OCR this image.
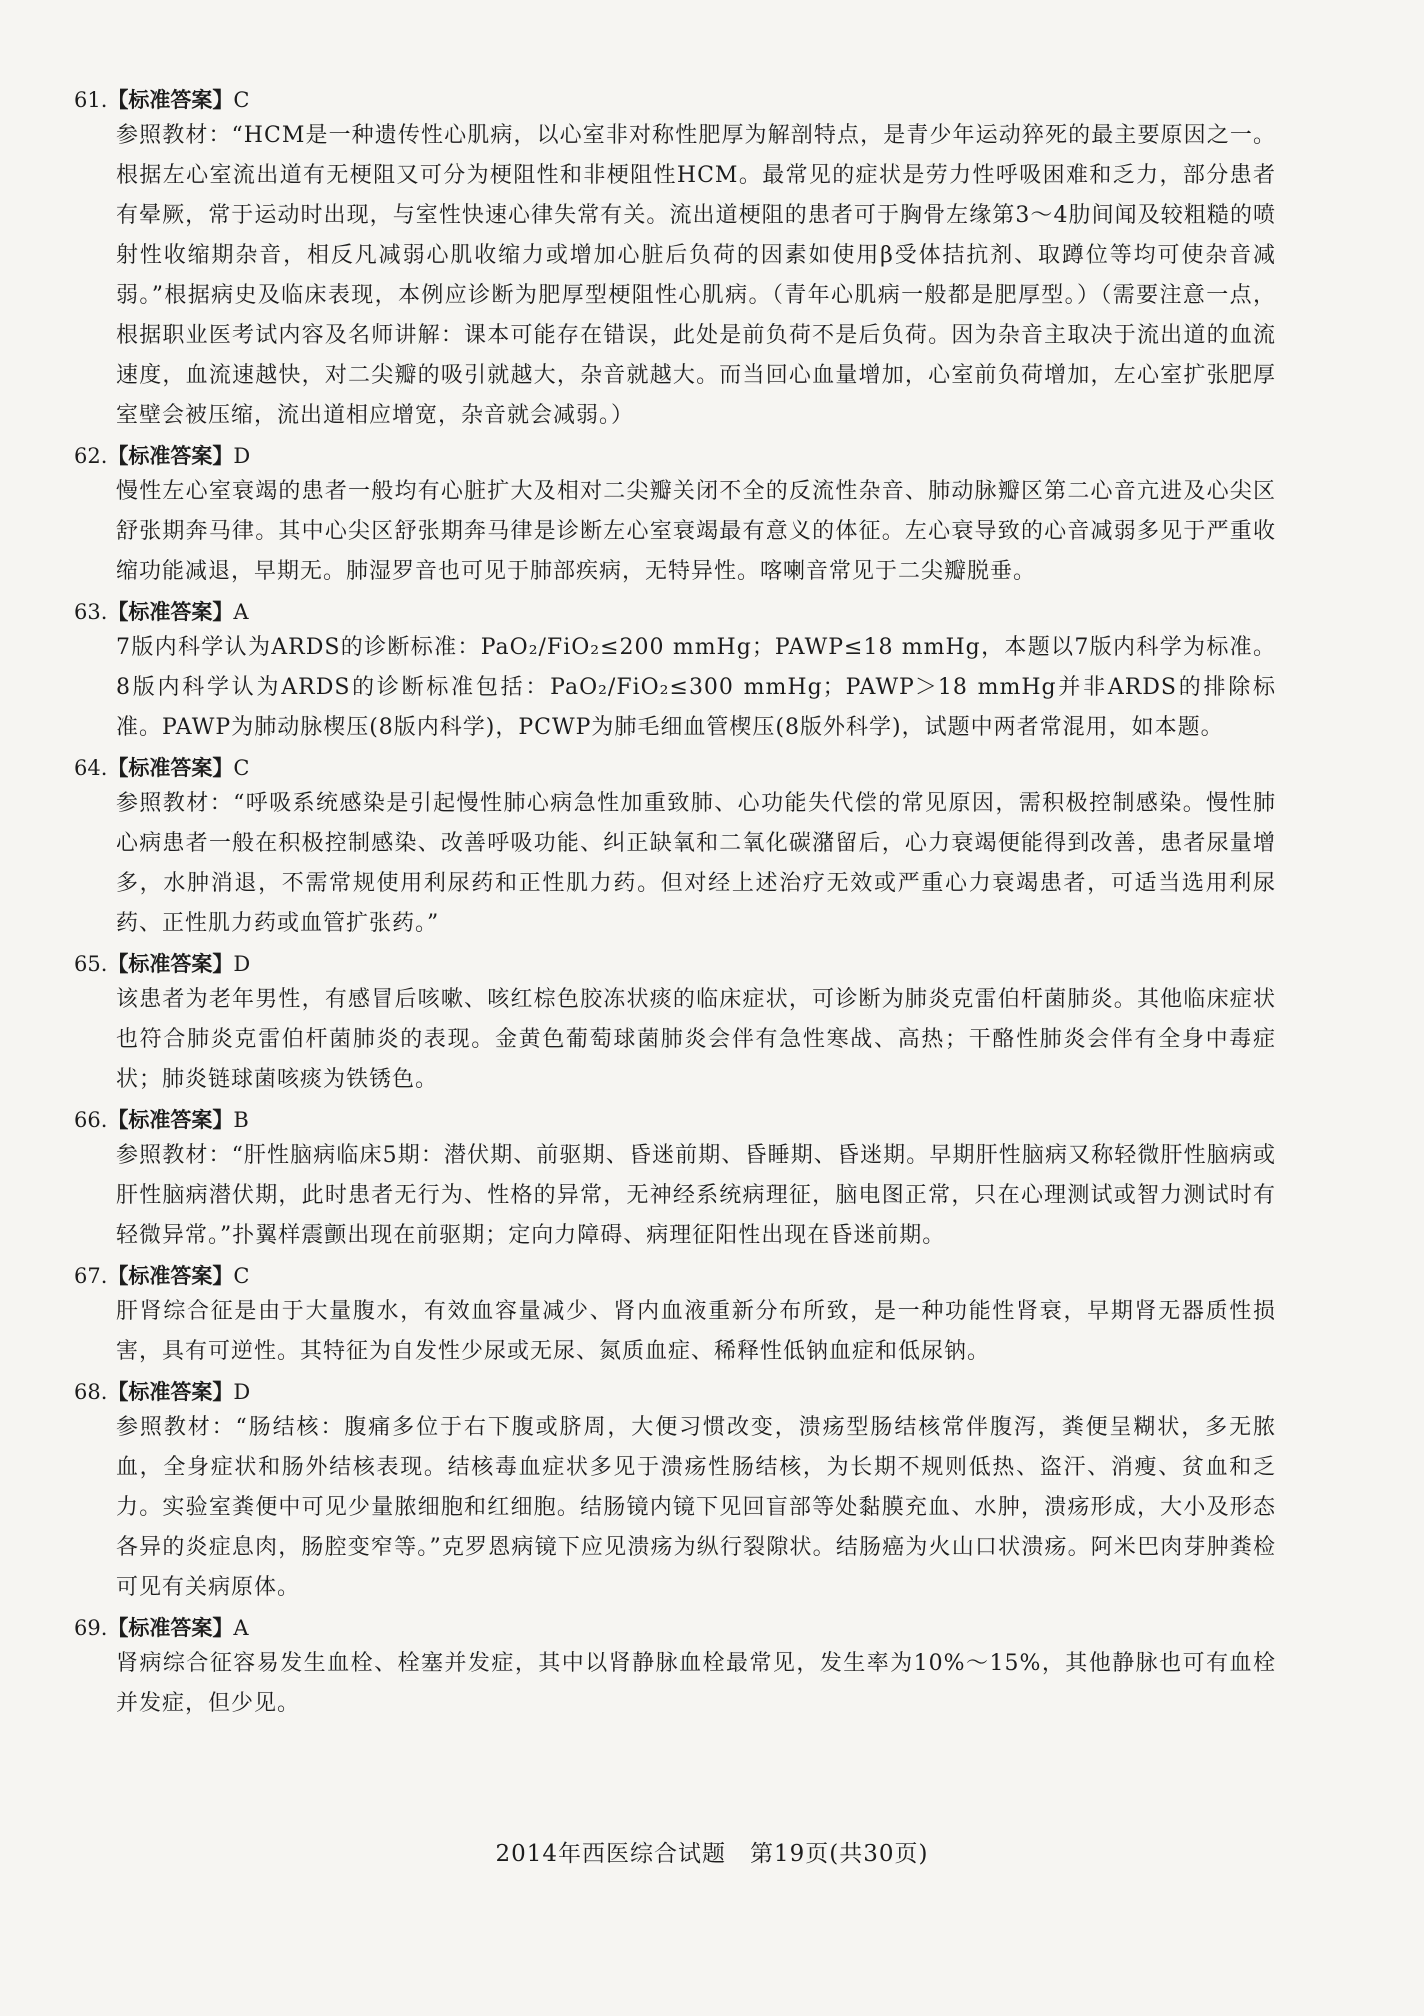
61.【标准答案】C
参照教材：“HCM是一种遗传性心肌病，以心室非对称性肥厚为解剖特点，是青少年运动猝死的最主要原因之一。根据左心室流出道有无梗阻又可分为梗阻性和非梗阻性HCM。最常见的症状是劳力性呼吸困难和乏力，部分患者有晕厥，常于运动时出现，与室性快速心律失常有关。流出道梗阻的患者可于胸骨左缘第3～4肋间闻及较粗糙的喷射性收缩期杂音，相反凡减弱心肌收缩力或增加心脏后负荷的因素如使用β受体拮抗剂、取蹲位等均可使杂音减弱。”根据病史及临床表现，本例应诊断为肥厚型梗阻性心肌病。（青年心肌病一般都是肥厚型。）（需要注意一点，根据职业医考试内容及名师讲解：课本可能存在错误，此处是前负荷不是后负荷。因为杂音主取决于流出道的血流速度，血流速越快，对二尖瓣的吸引就越大，杂音就越大。而当回心血量增加，心室前负荷增加，左心室扩张肥厚室壁会被压缩，流出道相应增宽，杂音就会减弱。）
62.【标准答案】D
慢性左心室衰竭的患者一般均有心脏扩大及相对二尖瓣关闭不全的反流性杂音、肺动脉瓣区第二心音亢进及心尖区舒张期奔马律。其中心尖区舒张期奔马律是诊断左心室衰竭最有意义的体征。左心衰导致的心音减弱多见于严重收缩功能减退，早期无。肺湿罗音也可见于肺部疾病，无特异性。喀喇音常见于二尖瓣脱垂。
63.【标准答案】A
7版内科学认为ARDS的诊断标准：PaO₂/FiO₂≤200 mmHg；PAWP≤18 mmHg，本题以7版内科学为标准。8版内科学认为ARDS的诊断标准包括：PaO₂/FiO₂≤300 mmHg；PAWP＞18 mmHg并非ARDS的排除标准。PAWP为肺动脉楔压(8版内科学)，PCWP为肺毛细血管楔压(8版外科学)，试题中两者常混用，如本题。
64.【标准答案】C
参照教材：“呼吸系统感染是引起慢性肺心病急性加重致肺、心功能失代偿的常见原因，需积极控制感染。慢性肺心病患者一般在积极控制感染、改善呼吸功能、纠正缺氧和二氧化碳潴留后，心力衰竭便能得到改善，患者尿量增多，水肿消退，不需常规使用利尿药和正性肌力药。但对经上述治疗无效或严重心力衰竭患者，可适当选用利尿药、正性肌力药或血管扩张药。”
65.【标准答案】D
该患者为老年男性，有感冒后咳嗽、咳红棕色胶冻状痰的临床症状，可诊断为肺炎克雷伯杆菌肺炎。其他临床症状也符合肺炎克雷伯杆菌肺炎的表现。金黄色葡萄球菌肺炎会伴有急性寒战、高热；干酪性肺炎会伴有全身中毒症状；肺炎链球菌咳痰为铁锈色。
66.【标准答案】B
参照教材：“肝性脑病临床5期：潜伏期、前驱期、昏迷前期、昏睡期、昏迷期。早期肝性脑病又称轻微肝性脑病或肝性脑病潜伏期，此时患者无行为、性格的异常，无神经系统病理征，脑电图正常，只在心理测试或智力测试时有轻微异常。”扑翼样震颤出现在前驱期；定向力障碍、病理征阳性出现在昏迷前期。
67.【标准答案】C
肝肾综合征是由于大量腹水，有效血容量减少、肾内血液重新分布所致，是一种功能性肾衰，早期肾无器质性损害，具有可逆性。其特征为自发性少尿或无尿、氮质血症、稀释性低钠血症和低尿钠。
68.【标准答案】D
参照教材：“肠结核：腹痛多位于右下腹或脐周，大便习惯改变，溃疡型肠结核常伴腹泻，粪便呈糊状，多无脓血，全身症状和肠外结核表现。结核毒血症状多见于溃疡性肠结核，为长期不规则低热、盗汗、消瘦、贫血和乏力。实验室粪便中可见少量脓细胞和红细胞。结肠镜内镜下见回盲部等处黏膜充血、水肿，溃疡形成，大小及形态各异的炎症息肉，肠腔变窄等。”克罗恩病镜下应见溃疡为纵行裂隙状。结肠癌为火山口状溃疡。阿米巴肉芽肿粪检可见有关病原体。
69.【标准答案】A
肾病综合征容易发生血栓、栓塞并发症，其中以肾静脉血栓最常见，发生率为10%～15%，其他静脉也可有血栓并发症，但少见。
2014年西医综合试题　第19页(共30页)
